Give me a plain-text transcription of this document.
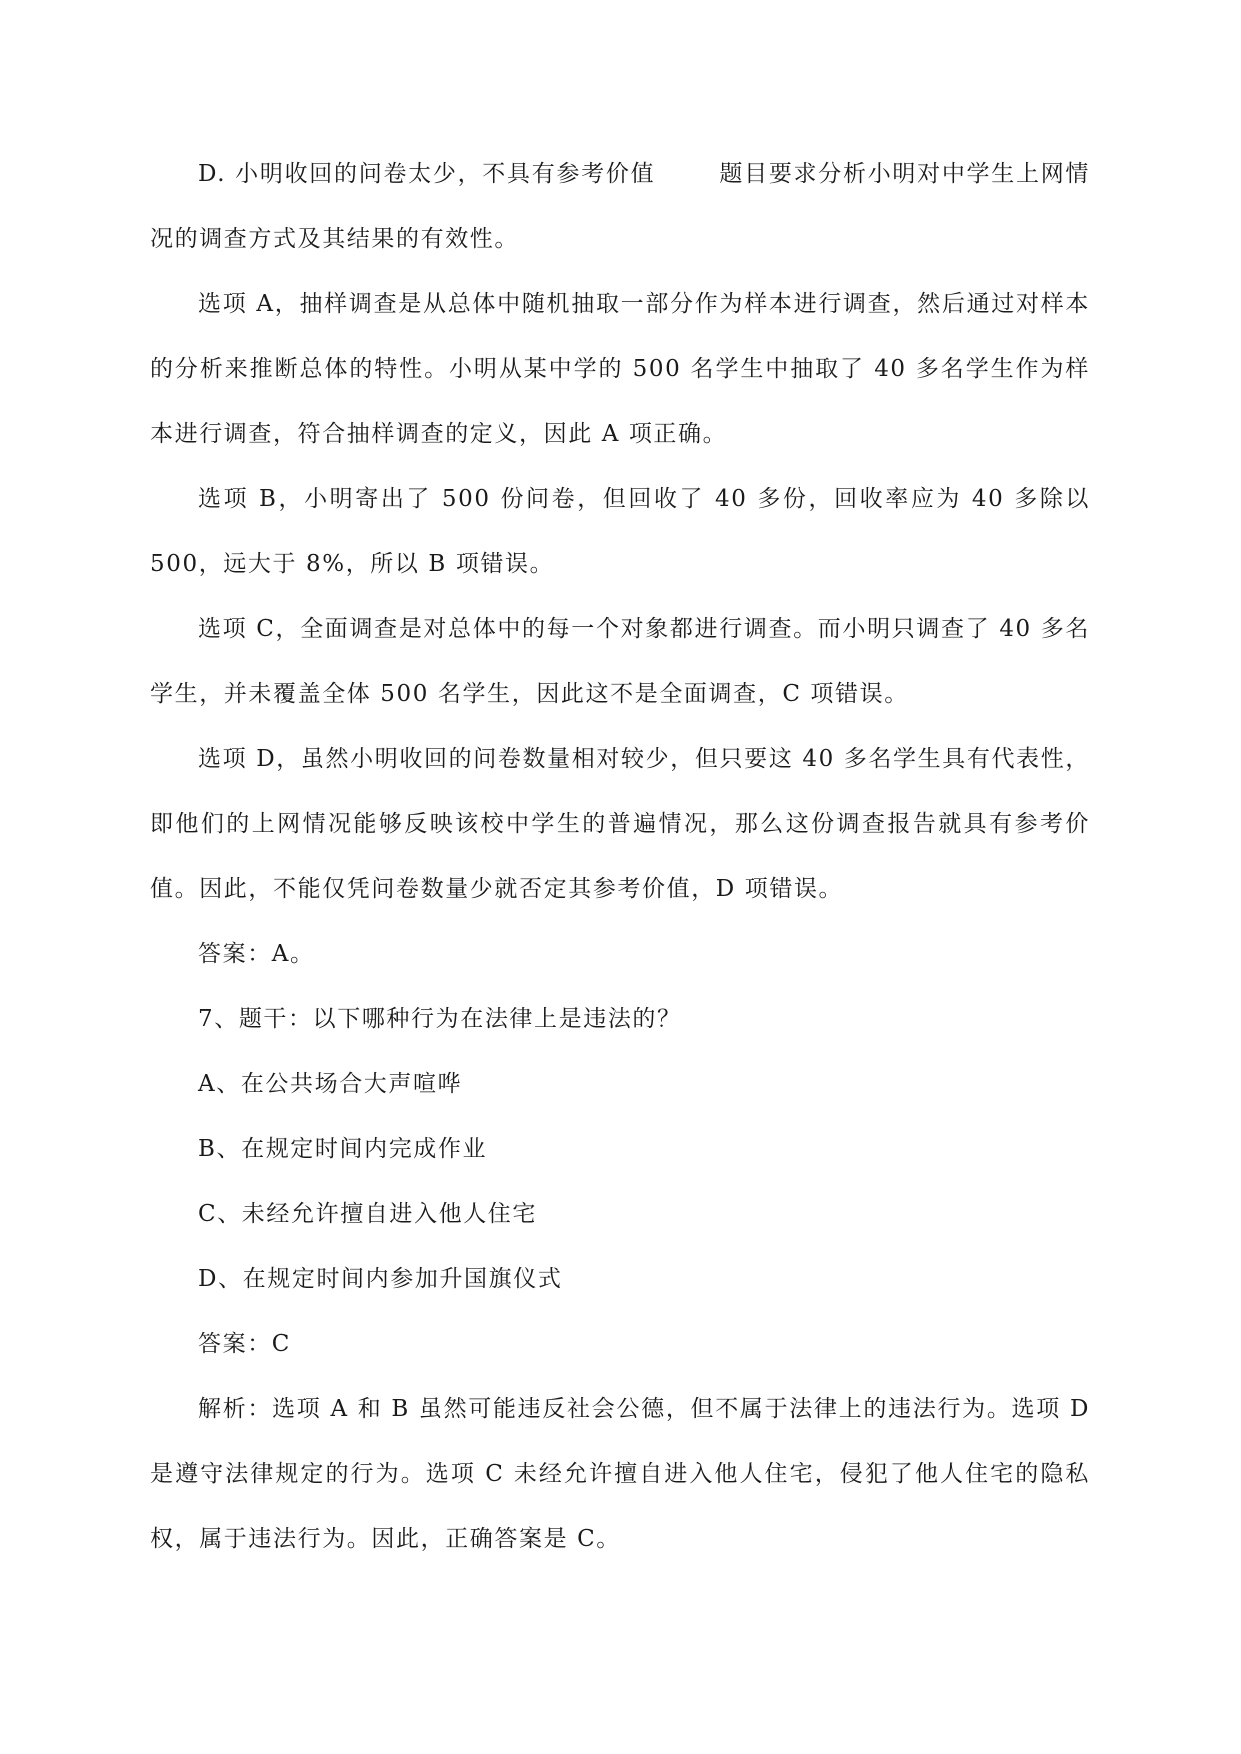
D. 小明收回的问卷太少，不具有参考价值	题目要求分析小明对中学生上网情况的调查方式及其结果的有效性。

选项 A，抽样调查是从总体中随机抽取一部分作为样本进行调查，然后通过对样本的分析来推断总体的特性。小明从某中学的 500 名学生中抽取了 40 多名学生作为样本进行调查，符合抽样调查的定义，因此 A 项正确。

选项 B，小明寄出了 500 份问卷，但回收了 40 多份，回收率应为 40 多除以 500，远大于 8%，所以 B 项错误。

选项 C，全面调查是对总体中的每一个对象都进行调查。而小明只调查了 40 多名学生，并未覆盖全体 500 名学生，因此这不是全面调查，C 项错误。

选项 D，虽然小明收回的问卷数量相对较少，但只要这 40 多名学生具有代表性，即他们的上网情况能够反映该校中学生的普遍情况，那么这份调查报告就具有参考价值。因此，不能仅凭问卷数量少就否定其参考价值，D 项错误。

答案：A。

7、题干：以下哪种行为在法律上是违法的？

A、在公共场合大声喧哗

B、在规定时间内完成作业

C、未经允许擅自进入他人住宅

D、在规定时间内参加升国旗仪式

答案：C

解析：选项 A 和 B 虽然可能违反社会公德，但不属于法律上的违法行为。选项 D 是遵守法律规定的行为。选项 C 未经允许擅自进入他人住宅，侵犯了他人住宅的隐私权，属于违法行为。因此，正确答案是 C。
